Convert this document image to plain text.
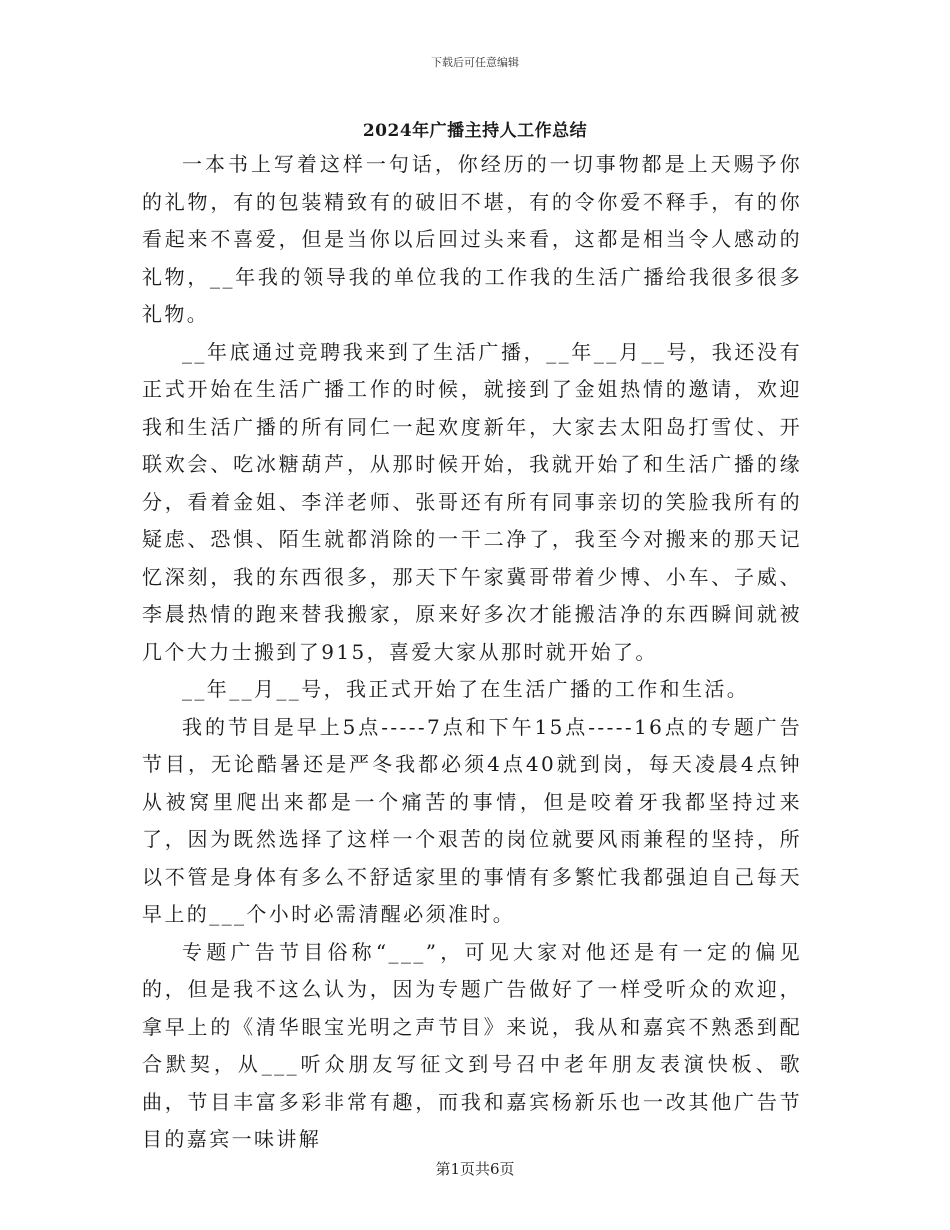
下载后可任意编辑
2024年广播主持人工作总结

一本书上写着这样一句话，你经历的一切事物都是上天赐予你的礼物，有的包装精致有的破旧不堪，有的令你爱不释手，有的你看起来不喜爱，但是当你以后回过头来看，这都是相当令人感动的礼物，__年我的领导我的单位我的工作我的生活广播给我很多很多礼物。

__年底通过竞聘我来到了生活广播，__年__月__号，我还没有正式开始在生活广播工作的时候，就接到了金姐热情的邀请，欢迎我和生活广播的所有同仁一起欢度新年，大家去太阳岛打雪仗、开联欢会、吃冰糖葫芦，从那时候开始，我就开始了和生活广播的缘分，看着金姐、李洋老师、张哥还有所有同事亲切的笑脸我所有的疑虑、恐惧、陌生就都消除的一干二净了，我至今对搬来的那天记忆深刻，我的东西很多，那天下午家冀哥带着少博、小车、子威、李晨热情的跑来替我搬家，原来好多次才能搬洁净的东西瞬间就被几个大力士搬到了915，喜爱大家从那时就开始了。

__年__月__号，我正式开始了在生活广播的工作和生活。

我的节目是早上5点-----7点和下午15点-----16点的专题广告节目，无论酷暑还是严冬我都必须4点40就到岗，每天凌晨4点钟从被窝里爬出来都是一个痛苦的事情，但是咬着牙我都坚持过来了，因为既然选择了这样一个艰苦的岗位就要风雨兼程的坚持，所以不管是身体有多么不舒适家里的事情有多繁忙我都强迫自己每天早上的___个小时必需清醒必须准时。

专题广告节目俗称“___”，可见大家对他还是有一定的偏见的，但是我不这么认为，因为专题广告做好了一样受听众的欢迎，拿早上的《清华眼宝光明之声节目》来说，我从和嘉宾不熟悉到配合默契，从___听众朋友写征文到号召中老年朋友表演快板、歌曲，节目丰富多彩非常有趣，而我和嘉宾杨新乐也一改其他广告节目的嘉宾一味讲解

第1页共6页
